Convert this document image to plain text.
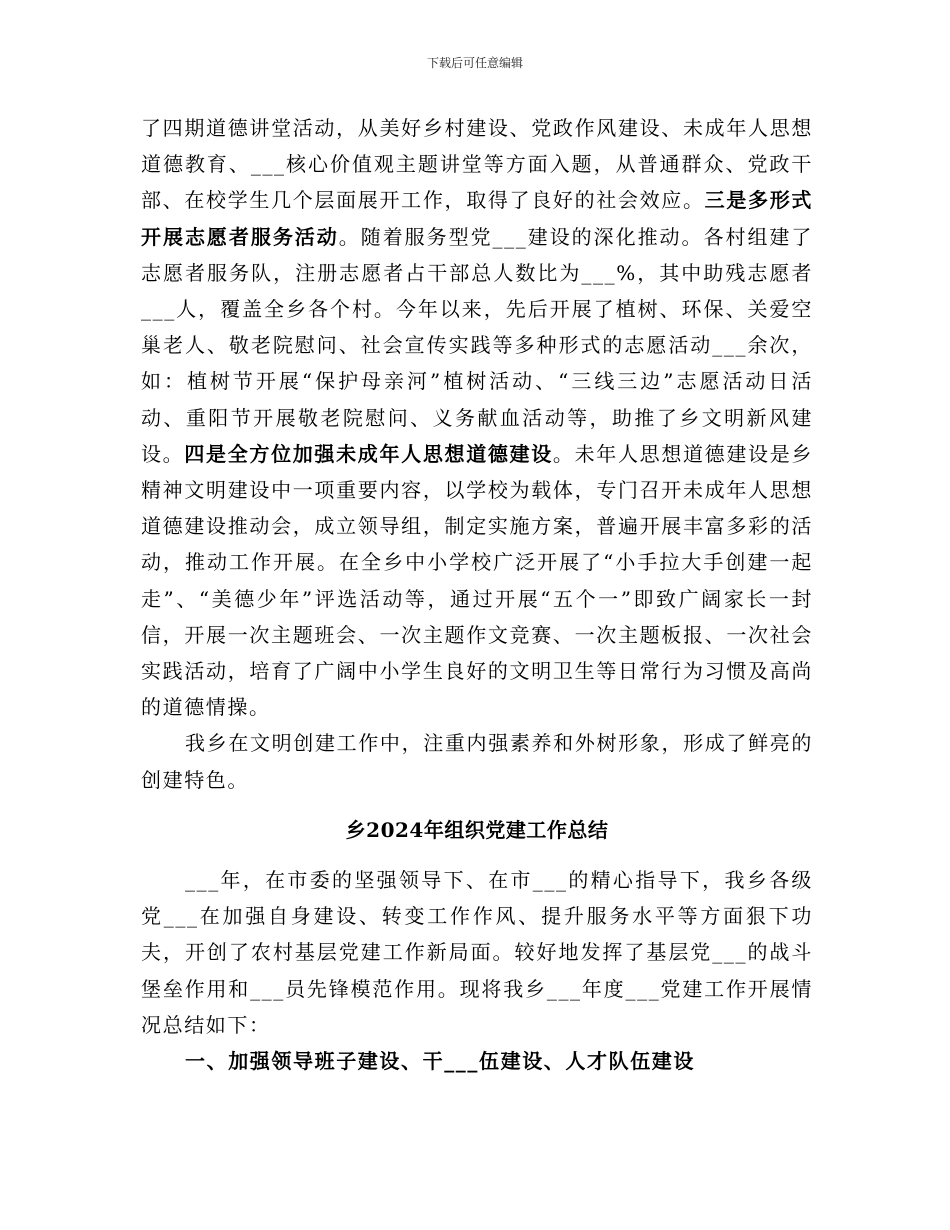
下载后可任意编辑

了四期道德讲堂活动，从美好乡村建设、党政作风建设、未成年人思想道德教育、___核心价值观主题讲堂等方面入题，从普通群众、党政干部、在校学生几个层面展开工作，取得了良好的社会效应。三是多形式开展志愿者服务活动。随着服务型党___建设的深化推动。各村组建了志愿者服务队，注册志愿者占干部总人数比为___%，其中助残志愿者___人，覆盖全乡各个村。今年以来，先后开展了植树、环保、关爱空巢老人、敬老院慰问、社会宣传实践等多种形式的志愿活动___余次，如：植树节开展“保护母亲河”植树活动、“三线三边”志愿活动日活动、重阳节开展敬老院慰问、义务献血活动等，助推了乡文明新风建设。四是全方位加强未成年人思想道德建设。未年人思想道德建设是乡精神文明建设中一项重要内容，以学校为载体，专门召开未成年人思想道德建设推动会，成立领导组，制定实施方案，普遍开展丰富多彩的活动，推动工作开展。在全乡中小学校广泛开展了“小手拉大手创建一起走”、“美德少年”评选活动等，通过开展“五个一”即致广阔家长一封信，开展一次主题班会、一次主题作文竞赛、一次主题板报、一次社会实践活动，培育了广阔中小学生良好的文明卫生等日常行为习惯及高尚的道德情操。

我乡在文明创建工作中，注重内强素养和外树形象，形成了鲜亮的创建特色。

乡2024年组织党建工作总结

___年，在市委的坚强领导下、在市___的精心指导下，我乡各级党___在加强自身建设、转变工作作风、提升服务水平等方面狠下功夫，开创了农村基层党建工作新局面。较好地发挥了基层党___的战斗堡垒作用和___员先锋模范作用。现将我乡___年度___党建工作开展情况总结如下：

一、加强领导班子建设、干___伍建设、人才队伍建设
